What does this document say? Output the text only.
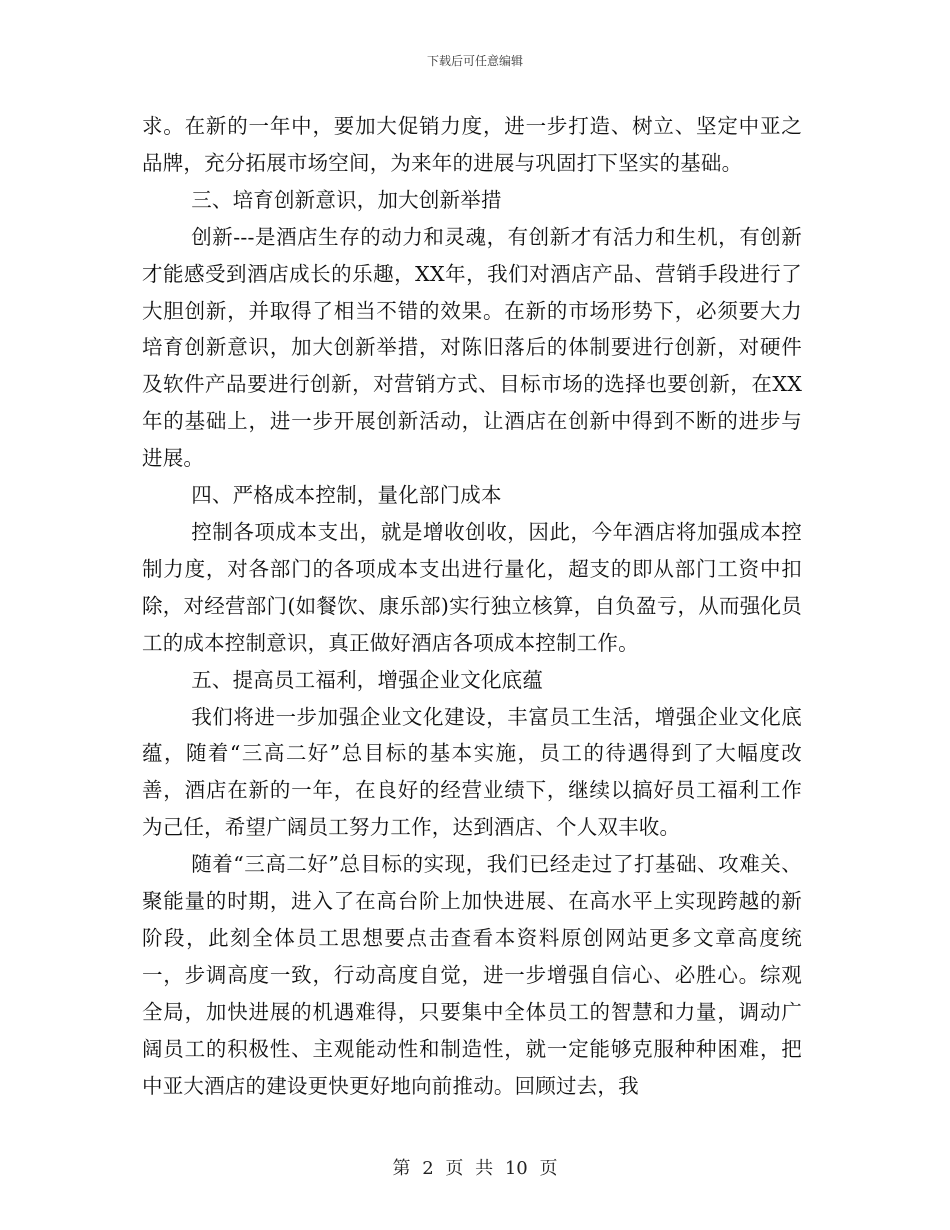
下载后可任意编辑

求。在新的一年中，要加大促销力度，进一步打造、树立、坚定中亚之品牌，充分拓展市场空间，为来年的进展与巩固打下坚实的基础。

三、培育创新意识，加大创新举措

创新---是酒店生存的动力和灵魂，有创新才有活力和生机，有创新才能感受到酒店成长的乐趣，XX年，我们对酒店产品、营销手段进行了大胆创新，并取得了相当不错的效果。在新的市场形势下，必须要大力培育创新意识，加大创新举措，对陈旧落后的体制要进行创新，对硬件及软件产品要进行创新，对营销方式、目标市场的选择也要创新，在XX年的基础上，进一步开展创新活动，让酒店在创新中得到不断的进步与进展。

四、严格成本控制，量化部门成本

控制各项成本支出，就是增收创收，因此，今年酒店将加强成本控制力度，对各部门的各项成本支出进行量化，超支的即从部门工资中扣除，对经营部门(如餐饮、康乐部)实行独立核算，自负盈亏，从而强化员工的成本控制意识，真正做好酒店各项成本控制工作。

五、提高员工福利，增强企业文化底蕴

我们将进一步加强企业文化建设，丰富员工生活，增强企业文化底蕴，随着“三高二好”总目标的基本实施，员工的待遇得到了大幅度改善，酒店在新的一年，在良好的经营业绩下，继续以搞好员工福利工作为己任，希望广阔员工努力工作，达到酒店、个人双丰收。

随着“三高二好”总目标的实现，我们已经走过了打基础、攻难关、聚能量的时期，进入了在高台阶上加快进展、在高水平上实现跨越的新阶段，此刻全体员工思想要点击查看本资料原创网站更多文章高度统一，步调高度一致，行动高度自觉，进一步增强自信心、必胜心。综观全局，加快进展的机遇难得，只要集中全体员工的智慧和力量，调动广阔员工的积极性、主观能动性和制造性，就一定能够克服种种困难，把中亚大酒店的建设更快更好地向前推动。回顾过去，我

第 2 页 共 10 页
